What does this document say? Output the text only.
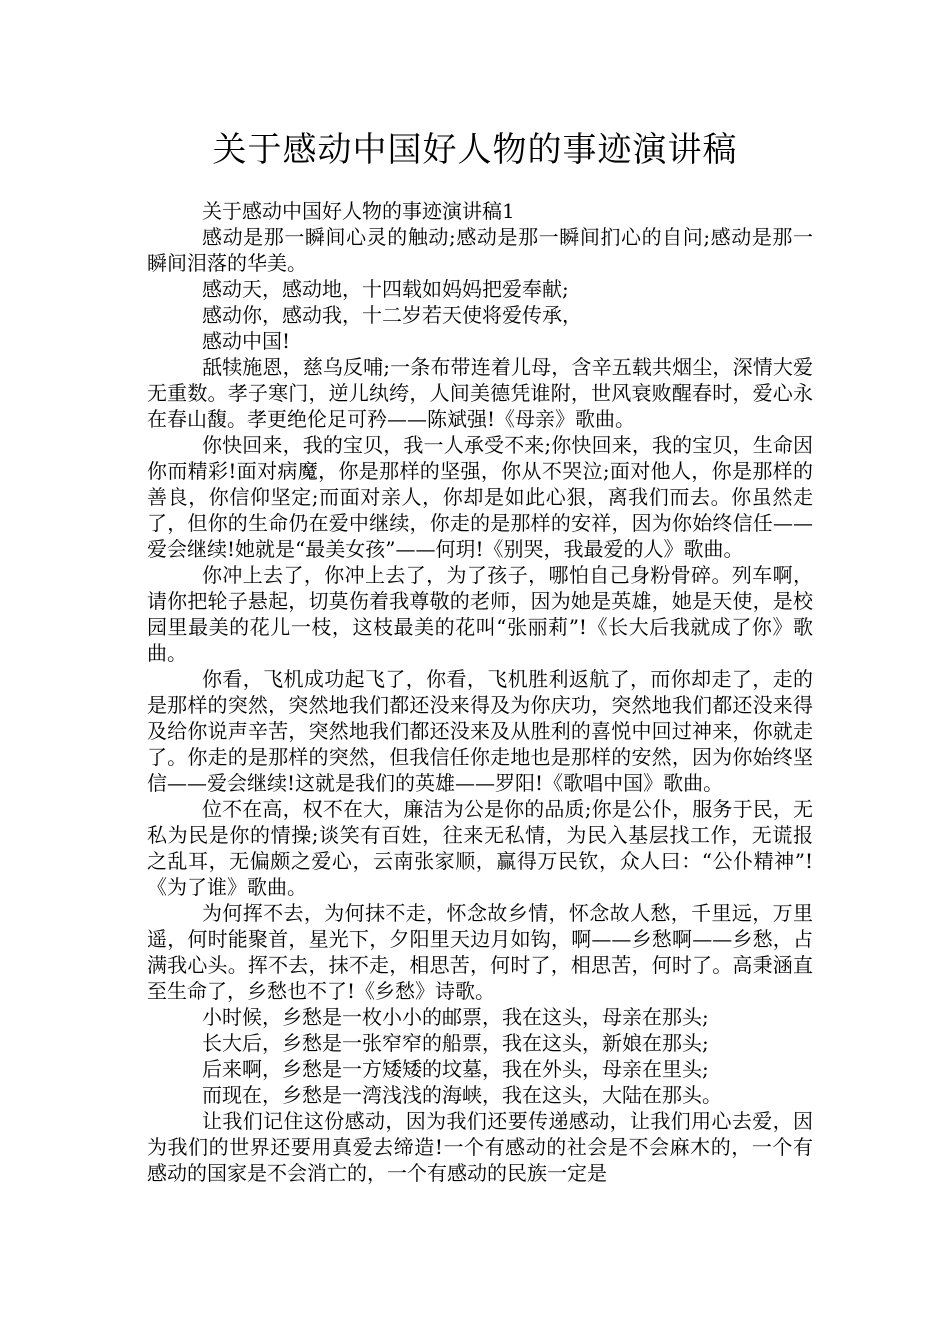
关于感动中国好人物的事迹演讲稿

关于感动中国好人物的事迹演讲稿1

感动是那一瞬间心灵的触动;感动是那一瞬间扪心的自问;感动是那一瞬间泪落的华美。

感动天，感动地，十四载如妈妈把爱奉献;

感动你，感动我，十二岁若天使将爱传承，

感动中国!

舐犊施恩，慈乌反哺;一条布带连着儿母，含辛五载共烟尘，深情大爱无重数。孝子寒门，逆儿纨绔，人间美德凭谁附，世风衰败醒春时，爱心永在春山馥。孝更绝伦足可矜——陈斌强!《母亲》歌曲。

你快回来，我的宝贝，我一人承受不来;你快回来，我的宝贝，生命因你而精彩!面对病魔，你是那样的坚强，你从不哭泣;面对他人，你是那样的善良，你信仰坚定;而面对亲人，你却是如此心狠，离我们而去。你虽然走了，但你的生命仍在爱中继续，你走的是那样的安祥，因为你始终信任——爱会继续!她就是“最美女孩”——何玥!《别哭，我最爱的人》歌曲。

你冲上去了，你冲上去了，为了孩子，哪怕自己身粉骨碎。列车啊，请你把轮子悬起，切莫伤着我尊敬的老师，因为她是英雄，她是天使，是校园里最美的花儿一枝，这枝最美的花叫“张丽莉”!《长大后我就成了你》歌曲。

你看，飞机成功起飞了，你看，飞机胜利返航了，而你却走了，走的是那样的突然，突然地我们都还没来得及为你庆功，突然地我们都还没来得及给你说声辛苦，突然地我们都还没来及从胜利的喜悦中回过神来，你就走了。你走的是那样的突然，但我信任你走地也是那样的安然，因为你始终坚信——爱会继续!这就是我们的英雄——罗阳!《歌唱中国》歌曲。

位不在高，权不在大，廉洁为公是你的品质;你是公仆，服务于民，无私为民是你的情操;谈笑有百姓，往来无私情，为民入基层找工作，无谎报之乱耳，无偏颇之爱心，云南张家顺，赢得万民钦，众人曰：“公仆精神”!《为了谁》歌曲。

为何挥不去，为何抹不走，怀念故乡情，怀念故人愁，千里远，万里遥，何时能聚首，星光下，夕阳里天边月如钩，啊——乡愁啊——乡愁，占满我心头。挥不去，抹不走，相思苦，何时了，相思苦，何时了。高秉涵直至生命了，乡愁也不了!《乡愁》诗歌。

小时候，乡愁是一枚小小的邮票，我在这头，母亲在那头;

长大后，乡愁是一张窄窄的船票，我在这头，新娘在那头;

后来啊，乡愁是一方矮矮的坟墓，我在外头，母亲在里头;

而现在，乡愁是一湾浅浅的海峡，我在这头，大陆在那头。

让我们记住这份感动，因为我们还要传递感动，让我们用心去爱，因为我们的世界还要用真爱去缔造!一个有感动的社会是不会麻木的，一个有感动的国家是不会消亡的，一个有感动的民族一定是
